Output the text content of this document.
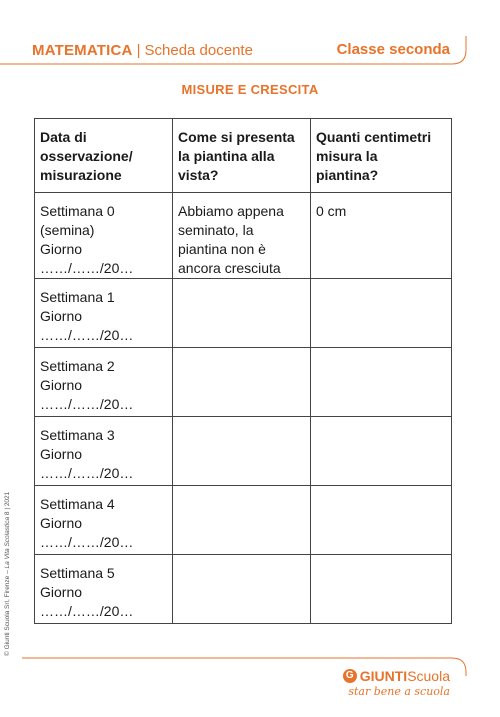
MATEMATICA | Scheda docente	Classe seconda
MISURE E CRESCITA
Data di
osservazione/
misurazione	Come si presenta
la piantina alla
vista?	Quanti centimetri
misura la
piantina?

Settimana 0
(semina)
Giorno
……/……/20…	Abbiamo appena
seminato, la
piantina non è
ancora cresciuta	0 cm

Settimana 1
Giorno
……/……/20…		

Settimana 2
Giorno
……/……/20…		

Settimana 3
Giorno
……/……/20…		

Settimana 4
Giorno
……/……/20…		

Settimana 5
Giorno
……/……/20…		

© Giunti Scuola Srl, Firenze – La Vita Scolastica 8 | 2021
G GIUNTI Scuola
star bene a scuola
